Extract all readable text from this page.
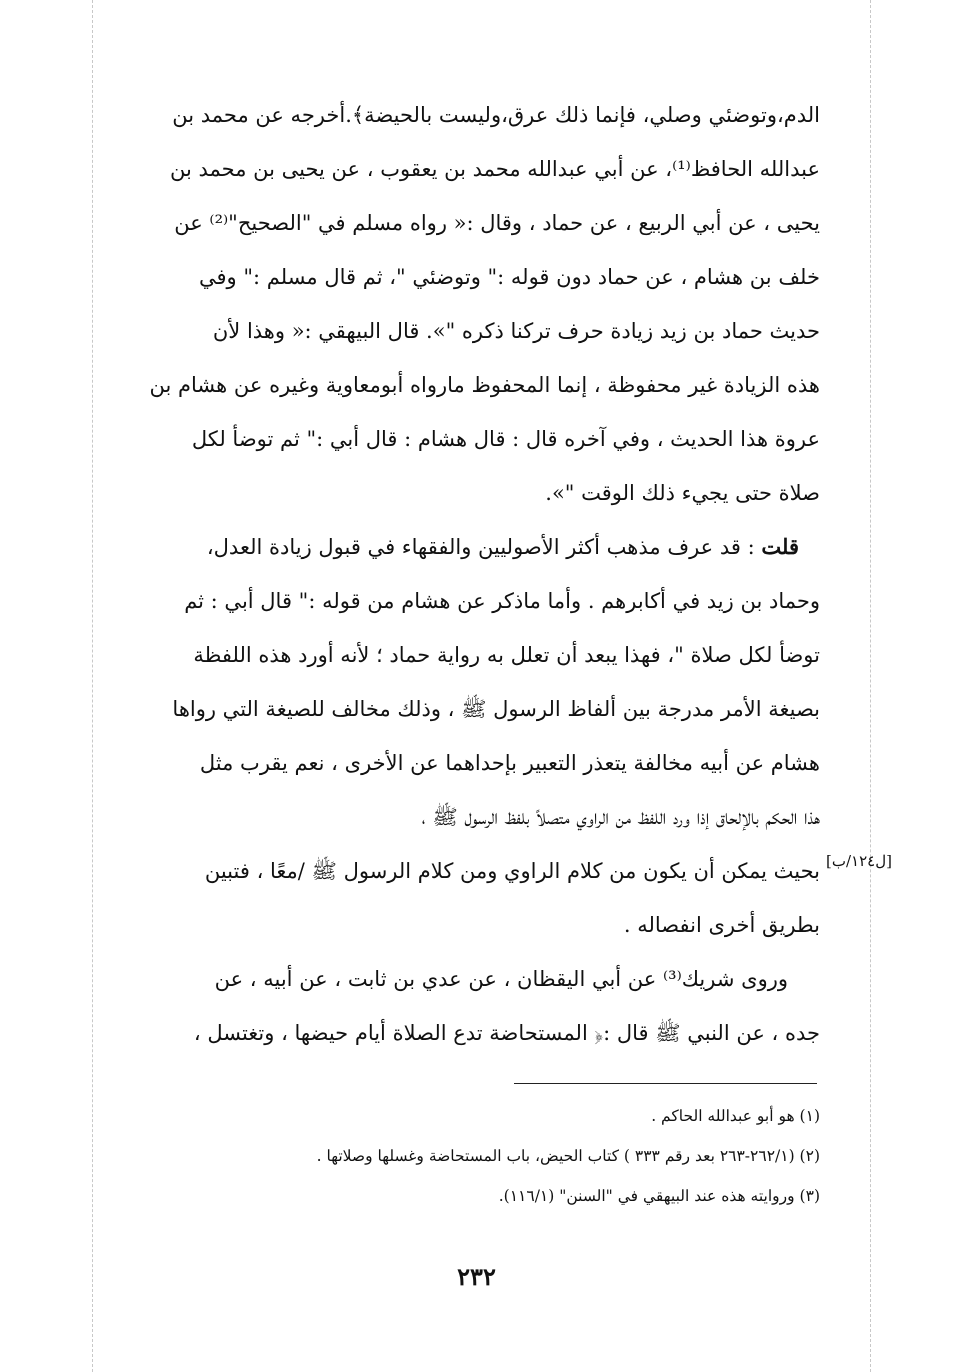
الدم،وتوضئي وصلي، فإنما ذلك عرق،وليست بالحيضة﴾.أخرجه عن محمد بن
عبدالله الحافظ⁽¹⁾، عن أبي عبدالله محمد بن يعقوب ، عن يحيى بن محمد بن
يحيى ، عن أبي الربيع ، عن حماد ، وقال :« رواه مسلم في "الصحيح"⁽²⁾ عن
خلف بن هشام ، عن حماد دون قوله :" وتوضئي "، ثم قال مسلم :" وفي
حديث حماد بن زيد زيادة حرف تركنا ذكره "». قال البيهقي :« وهذا لأن
هذه الزيادة غير محفوظة ، إنما المحفوظ مارواه أبومعاوية وغيره عن هشام بن
عروة هذا الحديث ، وفي آخره قال : قال هشام : قال أبي :" ثم توضأ لكل
صلاة حتى يجيء ذلك الوقت "».
 قلت : قد عرف مذهب أكثر الأصوليين والفقهاء في قبول زيادة العدل،
وحماد بن زيد في أكابرهم . وأما ماذكر عن هشام من قوله :" قال أبي : ثم
توضأ لكل صلاة "، فهذا يبعد أن تعلل به رواية حماد ؛ لأنه أورد هذه اللفظة
بصيغة الأمر مدرجة بين ألفاظ الرسول ﷺ ، وذلك مخالف للصيغة التي رواها
هشام عن أبيه مخالفة يتعذر التعبير بإحداهما عن الأخرى ، نعم يقرب مثل
هذا الحكم بالإلحاق إذا ورد اللفظ من الراوي متصلاً بلفظ الرسول ﷺ ،
بحيث يمكن أن يكون من كلام الراوي ومن كلام الرسول ﷺ /معًا ، فتبين
بطريق أخرى انفصاله .
وروى شريك⁽³⁾ عن أبي اليقظان ، عن عدي بن ثابت ، عن أبيه ، عن
جده ، عن النبي ﷺ قال :﴿ المستحاضة تدع الصلاة أيام حيضها ، وتغتسل ،
[ل١٢٤/ب]
(١) هو أبو عبدالله الحاكم .
(٢) (٢٦٢/١-٢٦٣ بعد رقم ٣٣٣ ) كتاب الحيض، باب المستحاضة وغسلها وصلاتها .
(٣) وروايته هذه عند البيهقي في "السنن" (١١٦/١).
٢٣٢
